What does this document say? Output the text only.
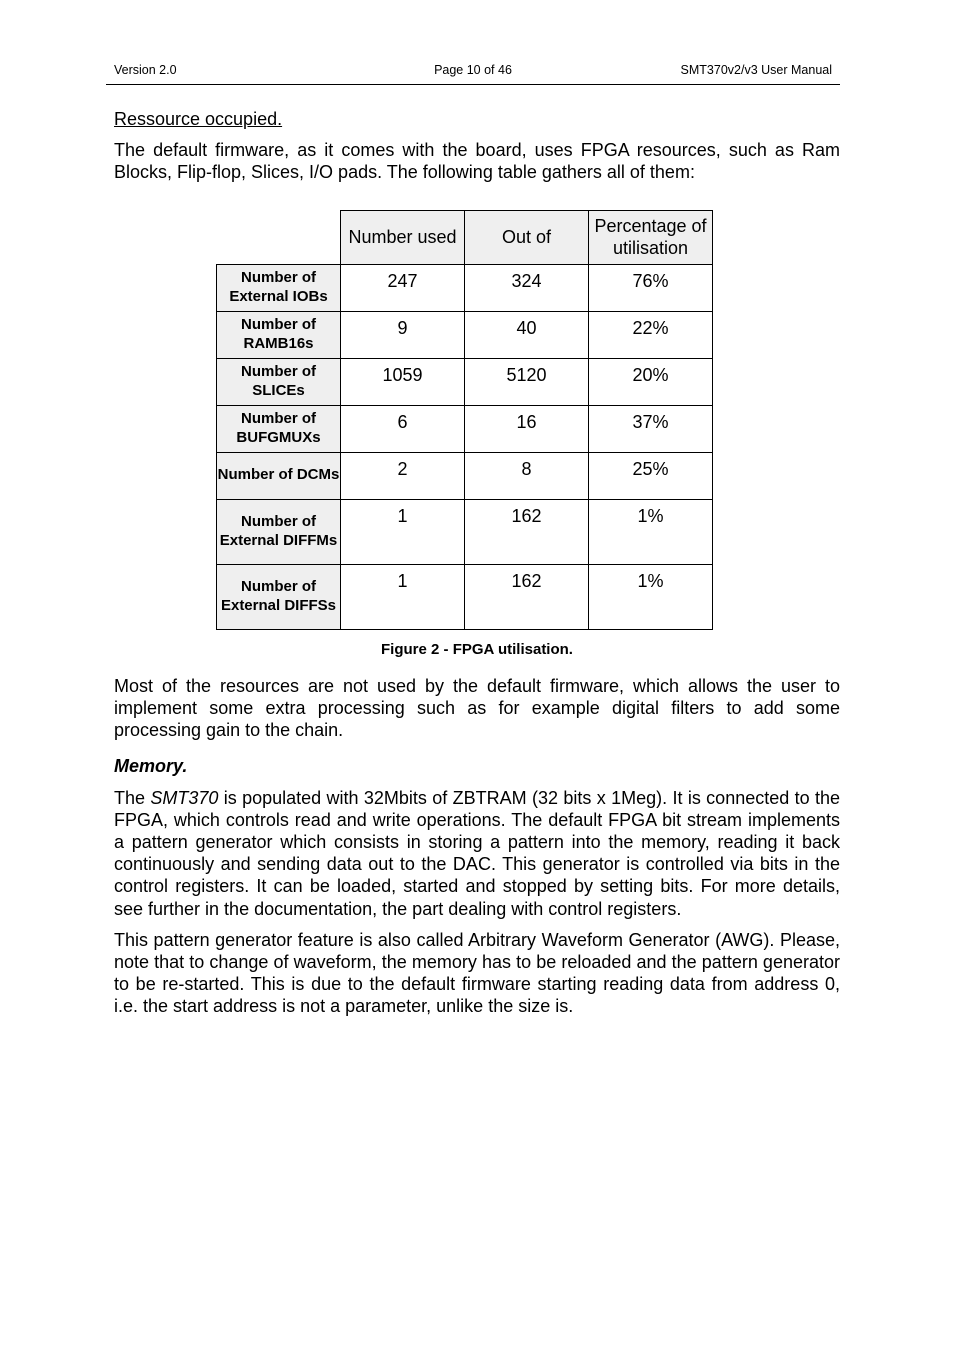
Version 2.0	Page 10 of 46	SMT370v2/v3 User Manual
Ressource occupied.
The default firmware, as it comes with the board, uses FPGA resources, such as Ram Blocks, Flip-flop, Slices, I/O pads. The following table gathers all of them:
	Number used	Out of	Percentage of utilisation
Number of External IOBs	247	324	76%
Number of RAMB16s	9	40	22%
Number of SLICEs	1059	5120	20%
Number of BUFGMUXs	6	16	37%
Number of DCMs	2	8	25%
Number of External DIFFMs	1	162	1%
Number of External DIFFSs	1	162	1%
Figure 2 - FPGA utilisation.
Most of the resources are not used by the default firmware, which allows the user to implement some extra processing such as for example digital filters to add some processing gain to the chain.
Memory.
The SMT370 is populated with 32Mbits of ZBTRAM (32 bits x 1Meg). It is connected to the FPGA, which controls read and write operations. The default FPGA bit stream implements a pattern generator which consists in storing a pattern into the memory, reading it back continuously and sending data out to the DAC. This generator is controlled via bits in the control registers. It can be loaded, started and stopped by setting bits. For more details, see further in the documentation, the part dealing with control registers.
This pattern generator feature is also called Arbitrary Waveform Generator (AWG). Please, note that to change of waveform, the memory has to be reloaded and the pattern generator to be re-started. This is due to the default firmware starting reading data from address 0, i.e. the start address is not a parameter, unlike the size is.
